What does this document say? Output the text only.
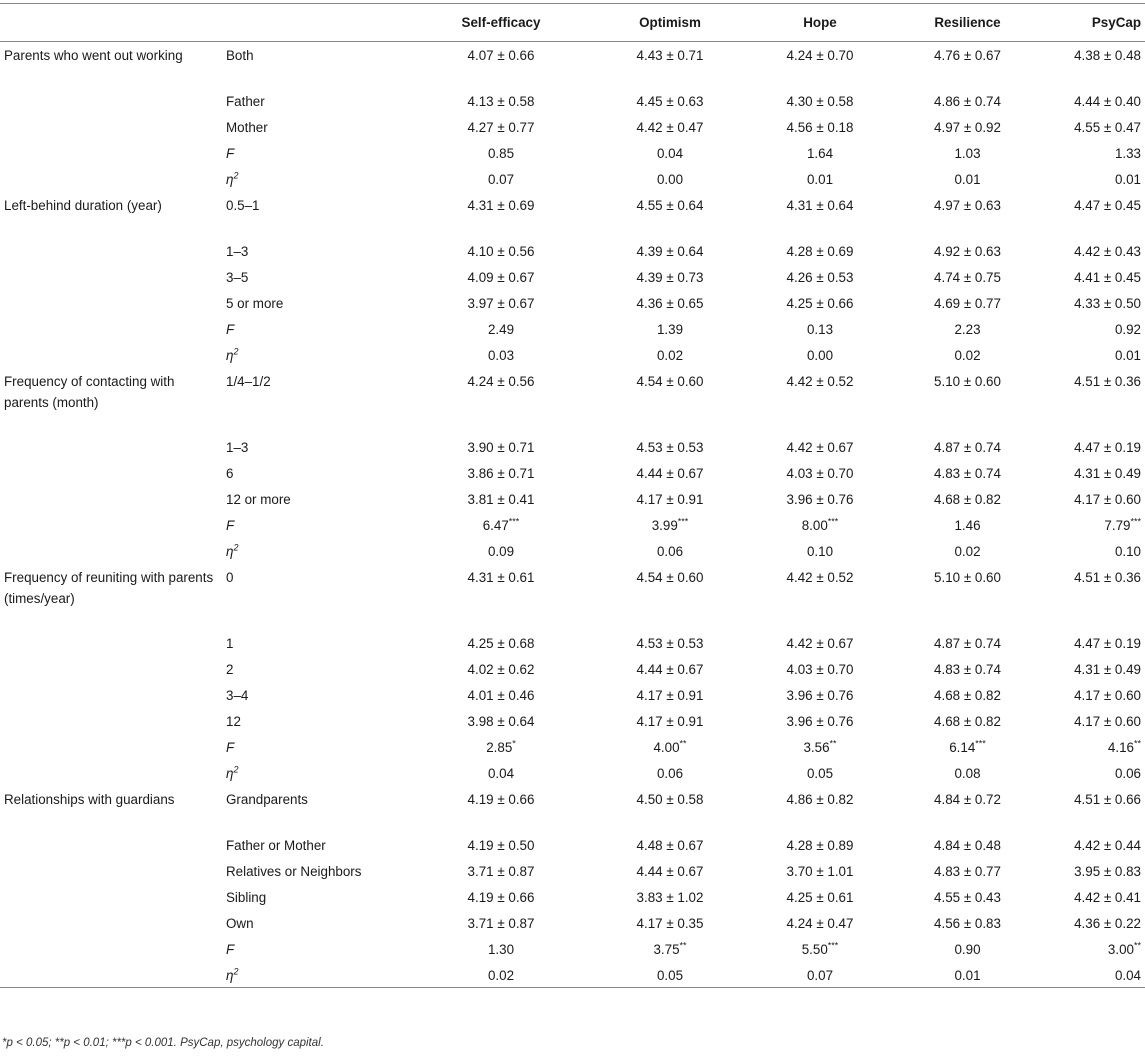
		Self-efficacy	Optimism	Hope	Resilience	PsyCap
Parents who went out working	Both	4.07 ± 0.66	4.43 ± 0.71	4.24 ± 0.70	4.76 ± 0.67	4.38 ± 0.48
	Father	4.13 ± 0.58	4.45 ± 0.63	4.30 ± 0.58	4.86 ± 0.74	4.44 ± 0.40
	Mother	4.27 ± 0.77	4.42 ± 0.47	4.56 ± 0.18	4.97 ± 0.92	4.55 ± 0.47
	F	0.85	0.04	1.64	1.03	1.33
	$\eta^2$	0.07	0.00	0.01	0.01	0.01
Left-behind duration (year)	0.5–1	4.31 ± 0.69	4.55 ± 0.64	4.31 ± 0.64	4.97 ± 0.63	4.47 ± 0.45
	1–3	4.10 ± 0.56	4.39 ± 0.64	4.28 ± 0.69	4.92 ± 0.63	4.42 ± 0.43
	3–5	4.09 ± 0.67	4.39 ± 0.73	4.26 ± 0.53	4.74 ± 0.75	4.41 ± 0.45
	5 or more	3.97 ± 0.67	4.36 ± 0.65	4.25 ± 0.66	4.69 ± 0.77	4.33 ± 0.50
	F	2.49	1.39	0.13	2.23	0.92
	$\eta^2$	0.03	0.02	0.00	0.02	0.01
Frequency of contacting with parents (month)	1/4–1/2	4.24 ± 0.56	4.54 ± 0.60	4.42 ± 0.52	5.10 ± 0.60	4.51 ± 0.36
	1–3	3.90 ± 0.71	4.53 ± 0.53	4.42 ± 0.67	4.87 ± 0.74	4.47 ± 0.19
	6	3.86 ± 0.71	4.44 ± 0.67	4.03 ± 0.70	4.83 ± 0.74	4.31 ± 0.49
	12 or more	3.81 ± 0.41	4.17 ± 0.91	3.96 ± 0.76	4.68 ± 0.82	4.17 ± 0.60
	F	6.47***	3.99***	8.00***	1.46	7.79***
	$\eta^2$	0.09	0.06	0.10	0.02	0.10
Frequency of reuniting with parents (times/year)	0	4.31 ± 0.61	4.54 ± 0.60	4.42 ± 0.52	5.10 ± 0.60	4.51 ± 0.36
	1	4.25 ± 0.68	4.53 ± 0.53	4.42 ± 0.67	4.87 ± 0.74	4.47 ± 0.19
	2	4.02 ± 0.62	4.44 ± 0.67	4.03 ± 0.70	4.83 ± 0.74	4.31 ± 0.49
	3–4	4.01 ± 0.46	4.17 ± 0.91	3.96 ± 0.76	4.68 ± 0.82	4.17 ± 0.60
	12	3.98 ± 0.64	4.17 ± 0.91	3.96 ± 0.76	4.68 ± 0.82	4.17 ± 0.60
	F	2.85*	4.00**	3.56**	6.14***	4.16**
	$\eta^2$	0.04	0.06	0.05	0.08	0.06
Relationships with guardians	Grandparents	4.19 ± 0.66	4.50 ± 0.58	4.86 ± 0.82	4.84 ± 0.72	4.51 ± 0.66
	Father or Mother	4.19 ± 0.50	4.48 ± 0.67	4.28 ± 0.89	4.84 ± 0.48	4.42 ± 0.44
	Relatives or Neighbors	3.71 ± 0.87	4.44 ± 0.67	3.70 ± 1.01	4.83 ± 0.77	3.95 ± 0.83
	Sibling	4.19 ± 0.66	3.83 ± 1.02	4.25 ± 0.61	4.55 ± 0.43	4.42 ± 0.41
	Own	3.71 ± 0.87	4.17 ± 0.35	4.24 ± 0.47	4.56 ± 0.83	4.36 ± 0.22
	F	1.30	3.75**	5.50***	0.90	3.00**
	$\eta^2$	0.02	0.05	0.07	0.01	0.04
*p < 0.05; **p < 0.01; ***p < 0.001. PsyCap, psychology capital.
